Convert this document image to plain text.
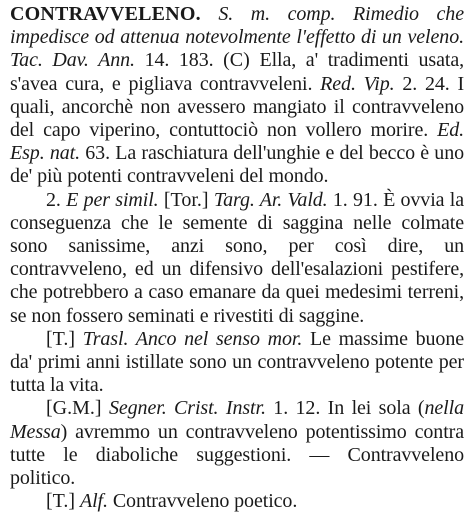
CONTRAVVELENO. S. m. comp. Rimedio che impedisce od attenua notevolmente l'effetto di un veleno. Tac. Dav. Ann. 14. 183. (C) Ella, a' tradimenti usata, s'avea cura, e pigliava contravveleni. Red. Vip. 2. 24. I quali, ancorchè non avessero mangiato il contravveleno del capo viperino, contuttociò non vollero morire. Ed. Esp. nat. 63. La raschiatura dell'unghie e del becco è uno de' più potenti contravveleni del mondo.

2. E per simil. [Tor.] Targ. Ar. Vald. 1. 91. È ovvia la conseguenza che le semente di saggina nelle colmate sono sanissime, anzi sono, per così dire, un contravveleno, ed un difensivo dell'esalazioni pestifere, che potrebbero a caso emanare da quei medesimi terreni, se non fossero seminati e rivestiti di saggine.

[T.] Trasl. Anco nel senso mor. Le massime buone da' primi anni istillate sono un contravveleno potente per tutta la vita.

[G.M.] Segner. Crist. Instr. 1. 12. In lei sola (nella Messa) avremmo un contravveleno potentissimo contra tutte le diaboliche suggestioni. — Contravveleno politico.

[T.] Alf. Contravveleno poetico.
